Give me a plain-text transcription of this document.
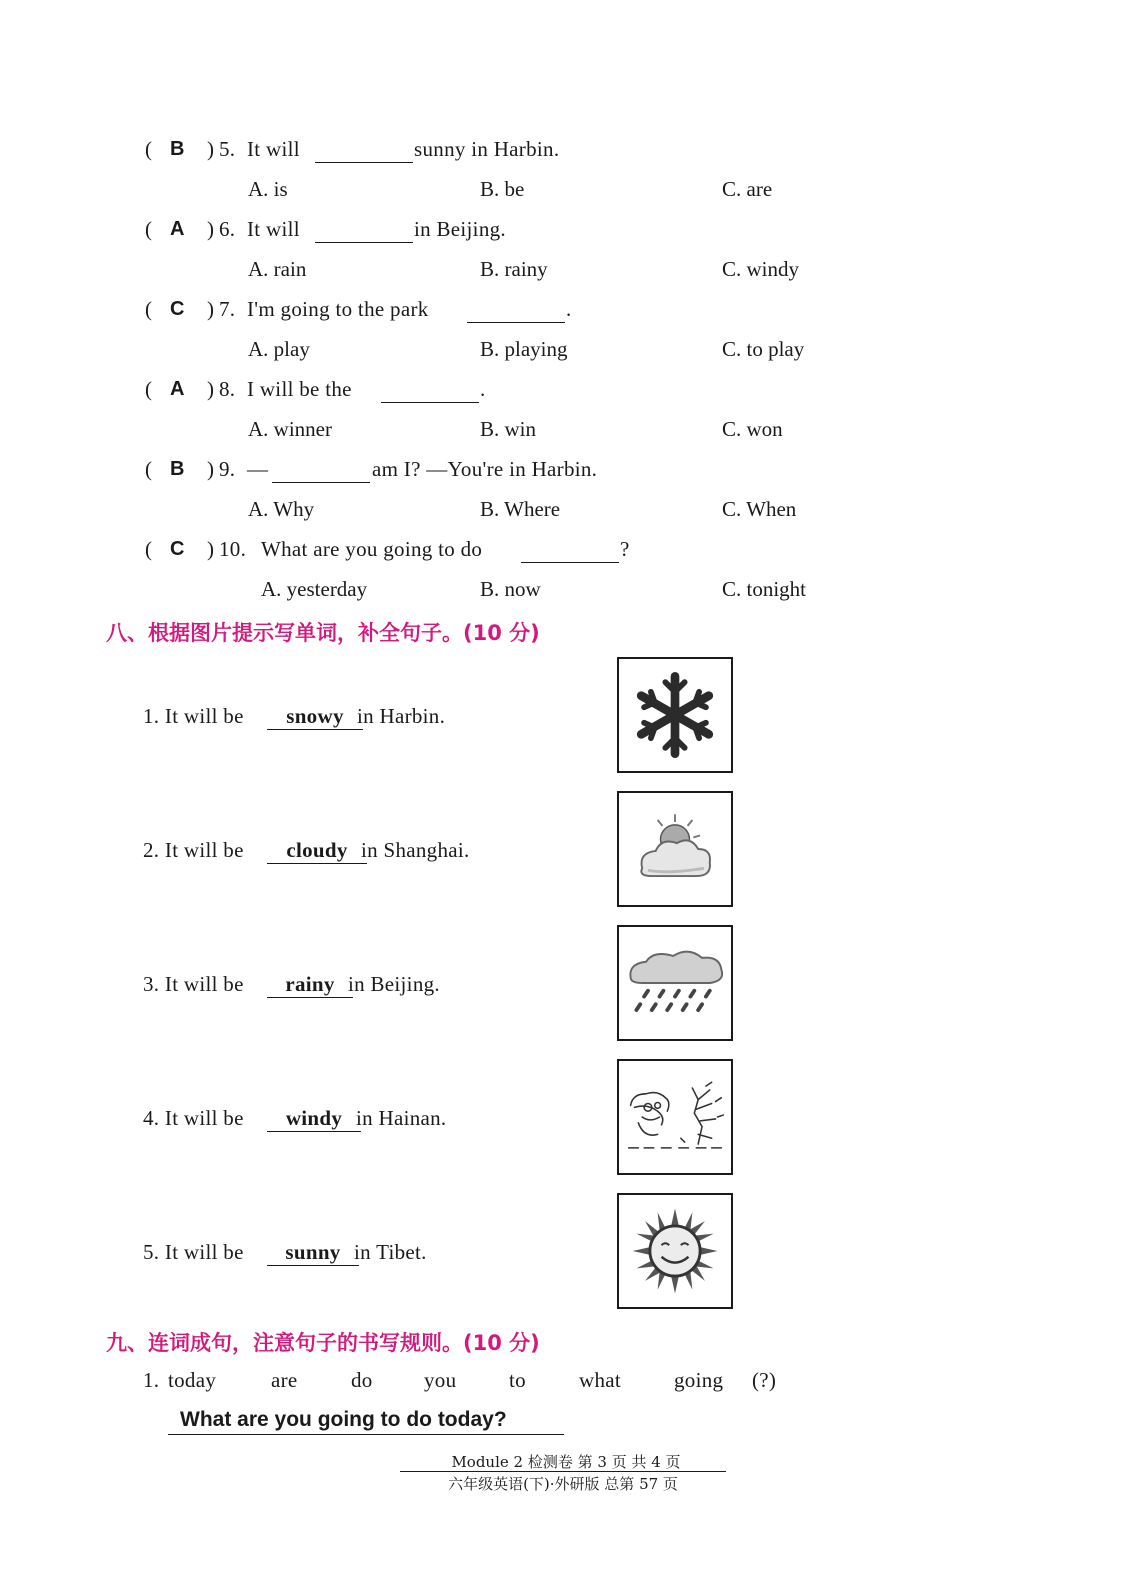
( B ) 5. It will	sunny in Harbin.
A. is	B. be	C. are
( A ) 6. It will	in Beijing.
A. rain	B. rainy	C. windy
( C ) 7. I'm going to the park	.
A. play	B. playing	C. to play
( A ) 8. I will be the	.
A. winner	B. win	C. won
( B ) 9. —	am I? —You're in Harbin.
A. Why	B. Where	C. When
( C ) 10. What are you going to do	?
A. yesterday	B. now	C. tonight
八、根据图片提示写单词，补全句子。(10 分)
1. It will be	snowy in Harbin.
2. It will be	cloudy in Shanghai.
3. It will be	rainy in Beijing.
4. It will be	windy in Hainan.
5. It will be	sunny in Tibet.
九、连词成句，注意句子的书写规则。(10 分)
1. today	are	do you	to	what	going (?)
What are you going to do today?
Module 2 检测卷 第 3 页 共 4 页
六年级英语(下)·外研版 总第 57 页
